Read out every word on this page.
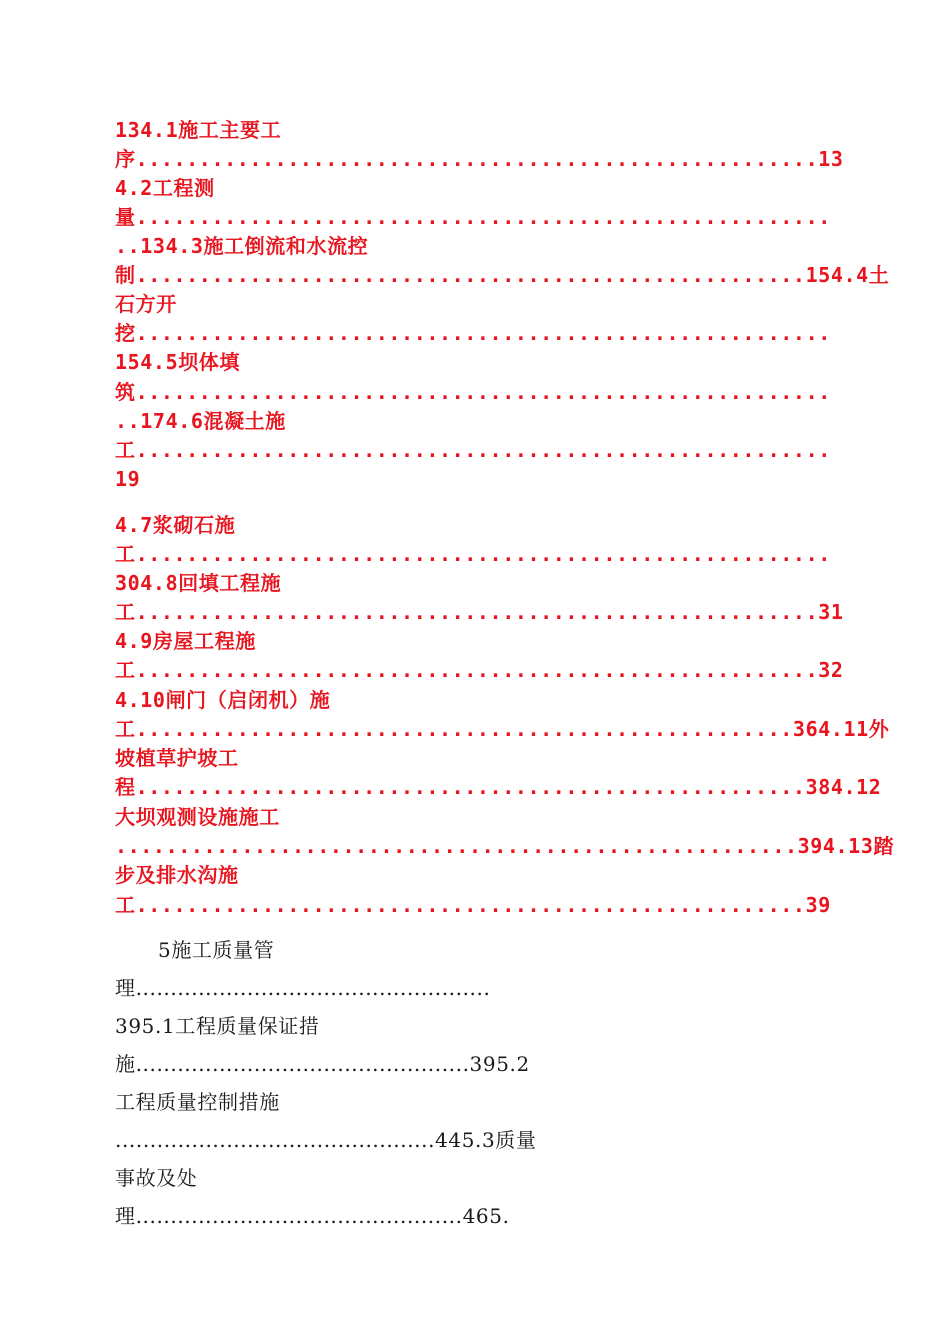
134.1施工主要工

序......................................................13

4.2工程测

量.......................................................

..134.3施工倒流和水流控

制.....................................................154.4土

石方开

挖.......................................................

154.5坝体填

筑.......................................................

..174.6混凝土施

工.......................................................

19

4.7浆砌石施

工.......................................................

304.8回填工程施

工......................................................31

4.9房屋工程施

工......................................................32

4.10闸门（启闭机）施

工....................................................364.11外

坡植草护坡工

程.....................................................384.12

大坝观测设施施工

......................................................394.13踏

步及排水沟施

工.....................................................39

5施工质量管

理...................................................

395.1工程质量保证措

施................................................395.2

工程质量控制措施

..............................................445.3质量

事故及处

理...............................................465.
